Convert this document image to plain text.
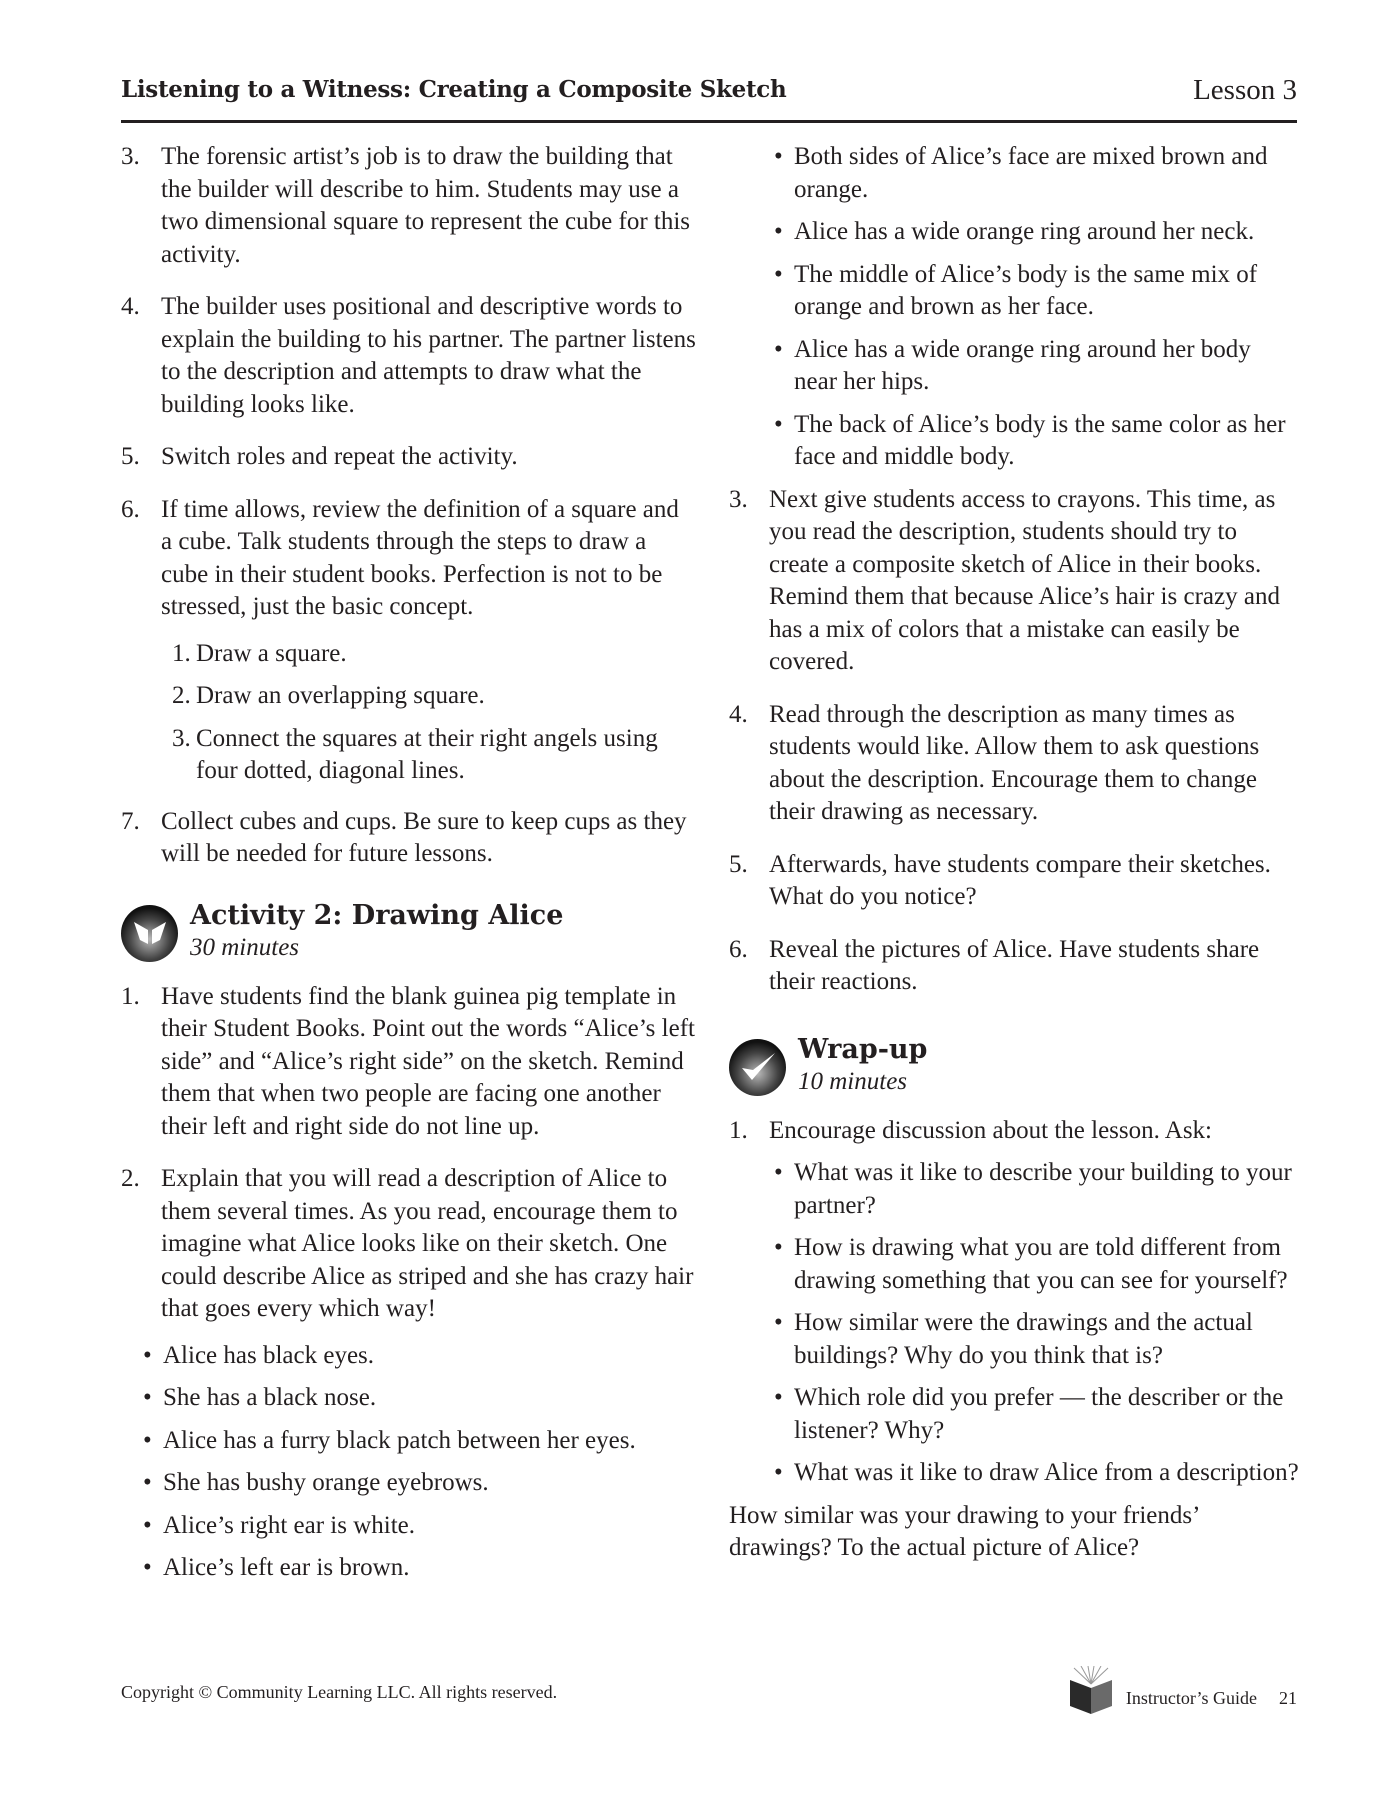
Listening to a Witness: Creating a Composite Sketch	Lesson 3
3. The forensic artist’s job is to draw the building that the builder will describe to him. Students may use a two dimensional square to represent the cube for this activity.
4. The builder uses positional and descriptive words to explain the building to his partner. The partner listens to the description and attempts to draw what the building looks like.
5. Switch roles and repeat the activity.
6. If time allows, review the definition of a square and a cube. Talk students through the steps to draw a cube in their student books. Perfection is not to be stressed, just the basic concept.
1. Draw a square.
2. Draw an overlapping square.
3. Connect the squares at their right angels using four dotted, diagonal lines.
7. Collect cubes and cups. Be sure to keep cups as they will be needed for future lessons.
Activity 2: Drawing Alice
30 minutes
1. Have students find the blank guinea pig template in their Student Books. Point out the words “Alice’s left side” and “Alice’s right side” on the sketch. Remind them that when two people are facing one another their left and right side do not line up.
2. Explain that you will read a description of Alice to them several times. As you read, encourage them to imagine what Alice looks like on their sketch. One could describe Alice as striped and she has crazy hair that goes every which way!
• Alice has black eyes.
• She has a black nose.
• Alice has a furry black patch between her eyes.
• She has bushy orange eyebrows.
• Alice’s right ear is white.
• Alice’s left ear is brown.
• Both sides of Alice’s face are mixed brown and orange.
• Alice has a wide orange ring around her neck.
• The middle of Alice’s body is the same mix of orange and brown as her face.
• Alice has a wide orange ring around her body near her hips.
• The back of Alice’s body is the same color as her face and middle body.
3. Next give students access to crayons. This time, as you read the description, students should try to create a composite sketch of Alice in their books. Remind them that because Alice’s hair is crazy and has a mix of colors that a mistake can easily be covered.
4. Read through the description as many times as students would like. Allow them to ask questions about the description. Encourage them to change their drawing as necessary.
5. Afterwards, have students compare their sketches. What do you notice?
6. Reveal the pictures of Alice. Have students share their reactions.
Wrap-up
10 minutes
1. Encourage discussion about the lesson. Ask:
• What was it like to describe your building to your partner?
• How is drawing what you are told different from drawing something that you can see for yourself?
• How similar were the drawings and the actual buildings? Why do you think that is?
• Which role did you prefer — the describer or the listener? Why?
• What was it like to draw Alice from a description?
How similar was your drawing to your friends’ drawings? To the actual picture of Alice?
Copyright © Community Learning LLC. All rights reserved.	Instructor’s Guide 21
